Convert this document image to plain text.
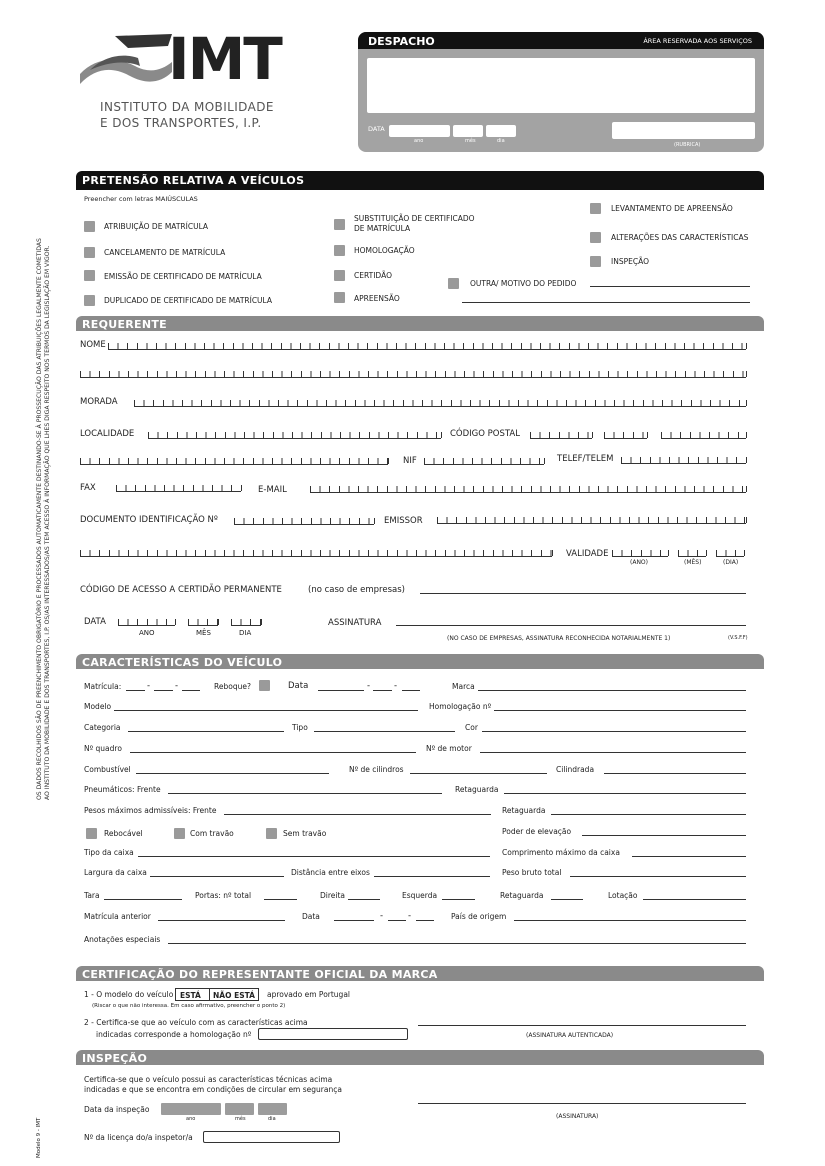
IMT
INSTITUTO DA MOBILIDADE
E DOS TRANSPORTES, I.P.
DESPACHO	ÁREA RESERVADA AOS SERVIÇOS
DATA
ano	mês	dia
(RUBRICA)
OS DADOS RECOLHIDOS SÃO DE PREENCHIMENTO OBRIGATÓRIO E PROCESSADOS AUTOMATICAMENTE DESTINANDO-SE À PROSSECUÇÃO DAS ATRIBUIÇÕES LEGALMENTE COMETIDAS AO INSTITUTO DA MOBILIDADE E DOS TRANSPORTES, I.P. OS/AS INTERESSADOS/AS TEM ACESSO À INFORMAÇÃO QUE LHES DIGA RESPEITO NOS TERMOS DA LEGISLAÇÃO EM VIGOR.
PRETENSÃO RELATIVA A VEÍCULOS
Preencher com letras MAIÚSCULAS
ATRIBUIÇÃO DE MATRÍCULA
CANCELAMENTO DE MATRÍCULA
EMISSÃO DE CERTIFICADO DE MATRÍCULA
DUPLICADO DE CERTIFICADO DE MATRÍCULA
SUBSTITUIÇÃO DE CERTIFICADO
DE MATRÍCULA
HOMOLOGAÇÃO
CERTIDÃO
APREENSÃO
LEVANTAMENTO DE APREENSÃO
ALTERAÇÕES DAS CARACTERÍSTICAS
INSPEÇÃO
OUTRA/ MOTIVO DO PEDIDO
REQUERENTE
NOME
MORADA
LOCALIDADE	CÓDIGO POSTAL
NIF	TELEF/TELEM
FAX	E-MAIL
DOCUMENTO IDENTIFICAÇÃO Nº	EMISSOR
VALIDADE
(ANO)	(MÊS)	(DIA)
CÓDIGO DE ACESSO A CERTIDÃO PERMANENTE	(no caso de empresas)
DATA
ANO	MÊS	DIA
ASSINATURA
(NO CASO DE EMPRESAS, ASSINATURA RECONHECIDA NOTARIALMENTE 1)	(V.S.F.F)
CARACTERÍSTICAS DO VEÍCULO
Matrícula:	-	-	Reboque?	Data	-	-	Marca
Modelo	Homologação nº
Categoria	Tipo	Cor
Nº quadro	Nº de motor
Combustível	Nº de cilindros	Cilindrada
Pneumáticos: Frente	Retaguarda
Pesos máximos admissíveis: Frente	Retaguarda
Rebocável	Com travão	Sem travão	Poder de elevação
Tipo da caixa	Comprimento máximo da caixa
Largura da caixa	Distância entre eixos	Peso bruto total
Tara	Portas: nº total	Direita	Esquerda	Retaguarda	Lotação
Matrícula anterior	Data	-	-	País de origem
Anotações especiais
CERTIFICAÇÃO DO REPRESENTANTE OFICIAL DA MARCA
1 - O modelo do veículo ESTÁ NÃO ESTÁ aprovado em Portugal
(Riscar o que não interessa. Em caso afirmativo, preencher o ponto 2)
2 - Certifica-se que ao veículo com as características acima
indicadas corresponde a homologação nº	(ASSINATURA AUTENTICADA)
INSPEÇÃO
Certifica-se que o veículo possui as características técnicas acima
indicadas e que se encontra em condições de circular em segurança
Data da inspeção
ano	mês	dia	(ASSINATURA)
Nº da licença do/a inspetor/a
Modelo 9 - IMT
